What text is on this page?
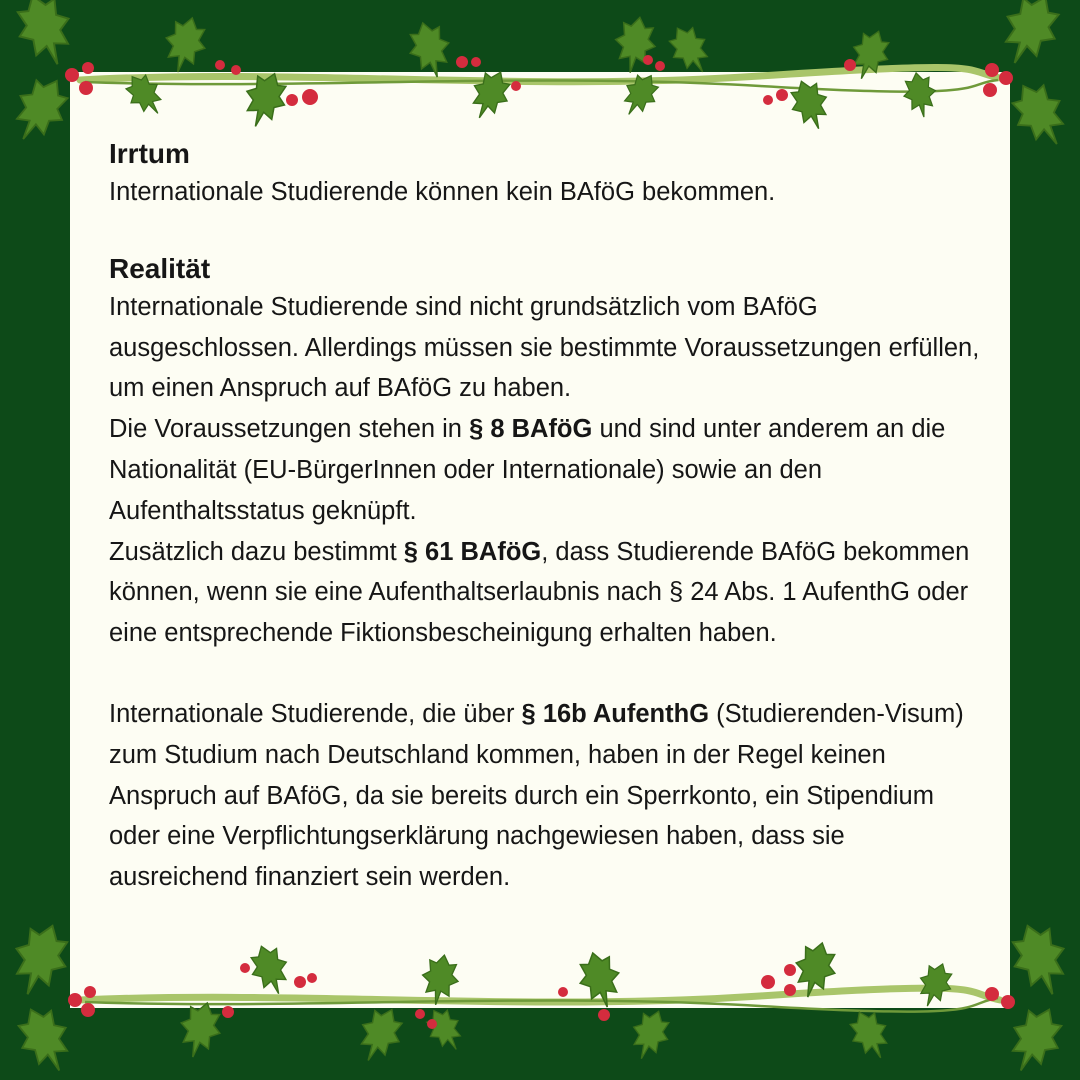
Irrtum

Internationale Studierende können kein BAföG bekommen.

Realität

Internationale Studierende sind nicht grundsätzlich vom BAföG ausgeschlossen. Allerdings müssen sie bestimmte Voraussetzungen erfüllen, um einen Anspruch auf BAföG zu haben.

Die Voraussetzungen stehen in § 8 BAföG und sind unter anderem an die Nationalität (EU-BürgerInnen oder Internationale) sowie an den Aufenthaltsstatus geknüpft.

Zusätzlich dazu bestimmt § 61 BAföG, dass Studierende BAföG bekommen können, wenn sie eine Aufenthaltserlaubnis nach § 24 Abs. 1 AufenthG oder eine entsprechende Fiktionsbescheinigung erhalten haben.

Internationale Studierende, die über § 16b AufenthG (Studierenden-Visum) zum Studium nach Deutschland kommen, haben in der Regel keinen Anspruch auf BAföG, da sie bereits durch ein Sperrkonto, ein Stipendium oder eine Verpflichtungserklärung nachgewiesen haben, dass sie ausreichend finanziert sein werden.
